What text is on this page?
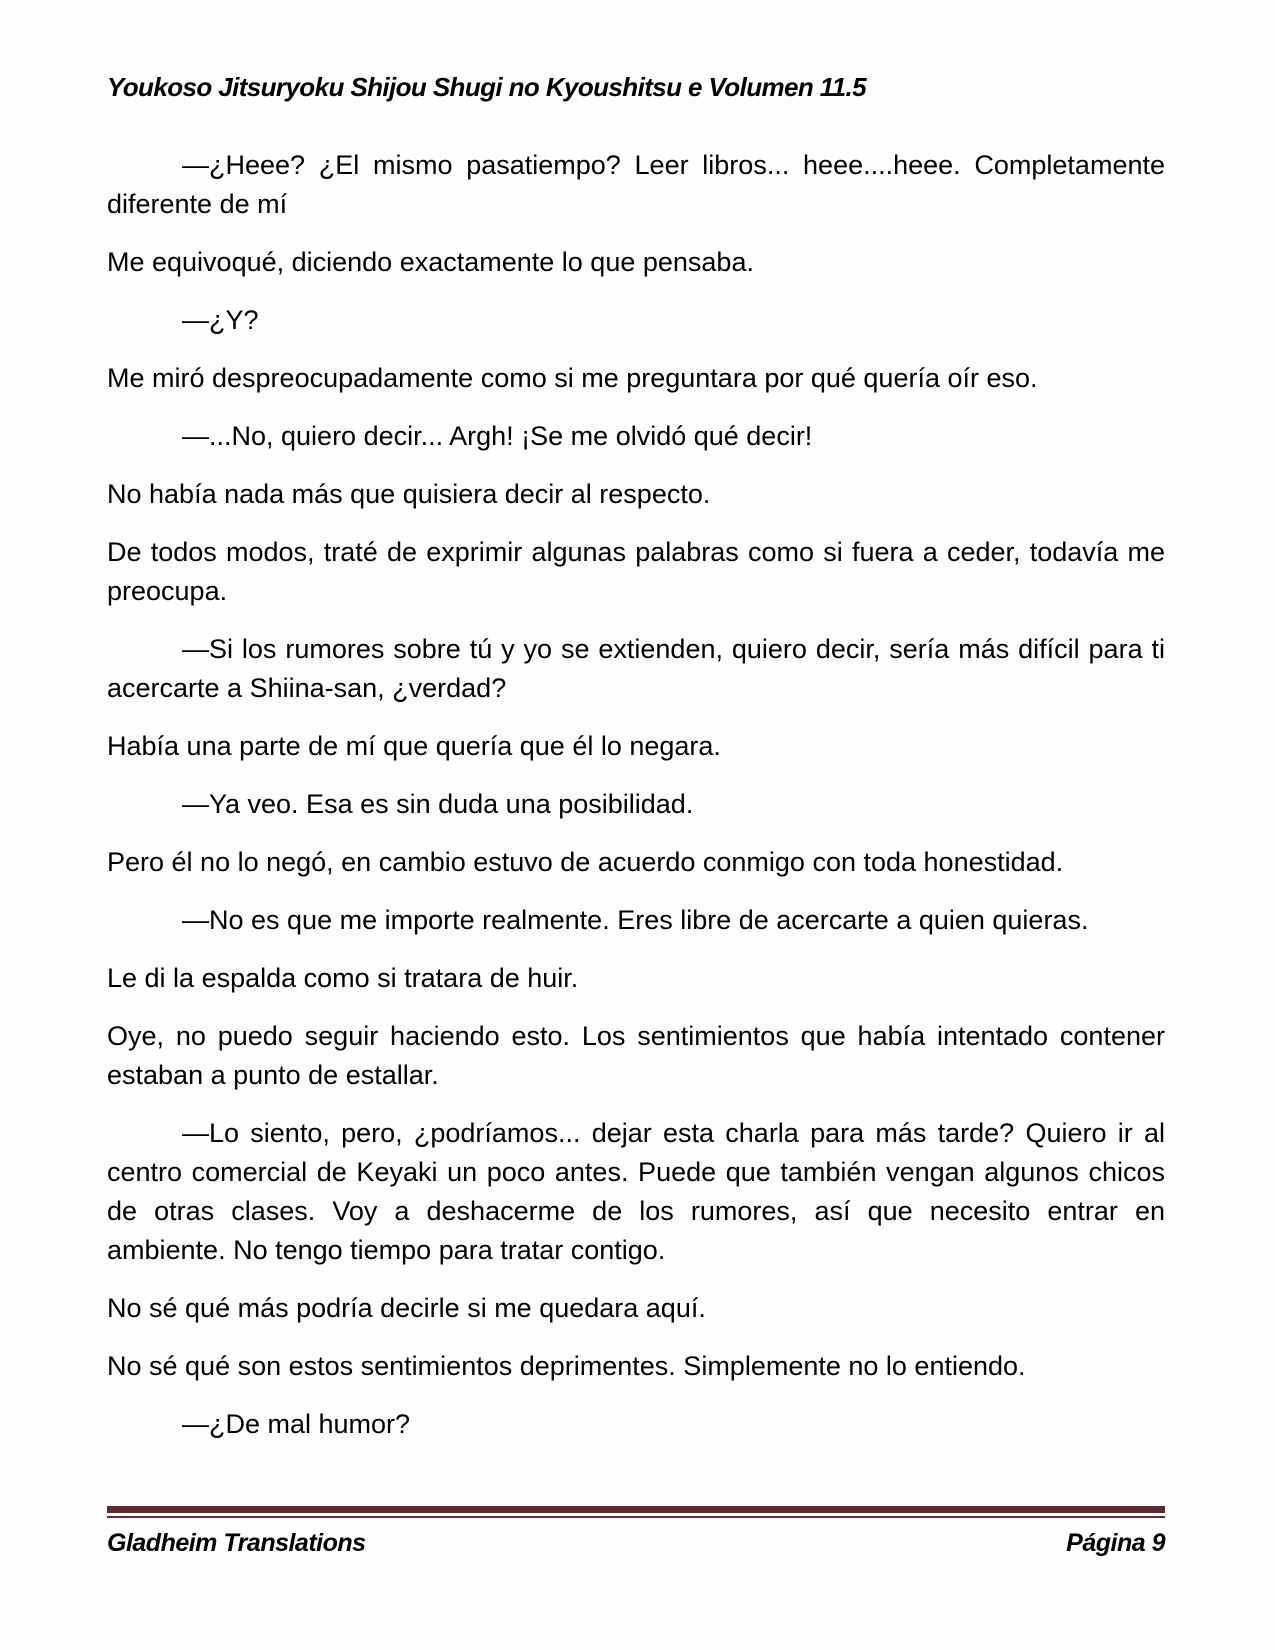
Youkoso Jitsuryoku Shijou Shugi no Kyoushitsu e Volumen 11.5

—¿Heee? ¿El mismo pasatiempo? Leer libros... heee....heee. Completamente diferente de mí

Me equivoqué, diciendo exactamente lo que pensaba.

—¿Y?

Me miró despreocupadamente como si me preguntara por qué quería oír eso.

—...No, quiero decir... Argh! ¡Se me olvidó qué decir!

No había nada más que quisiera decir al respecto.

De todos modos, traté de exprimir algunas palabras como si fuera a ceder, todavía me preocupa.

—Si los rumores sobre tú y yo se extienden, quiero decir, sería más difícil para ti acercarte a Shiina-san, ¿verdad?

Había una parte de mí que quería que él lo negara.

—Ya veo. Esa es sin duda una posibilidad.

Pero él no lo negó, en cambio estuvo de acuerdo conmigo con toda honestidad.

—No es que me importe realmente. Eres libre de acercarte a quien quieras.

Le di la espalda como si tratara de huir.

Oye, no puedo seguir haciendo esto. Los sentimientos que había intentado contener estaban a punto de estallar.

—Lo siento, pero, ¿podríamos... dejar esta charla para más tarde? Quiero ir al centro comercial de Keyaki un poco antes. Puede que también vengan algunos chicos de otras clases. Voy a deshacerme de los rumores, así que necesito entrar en ambiente. No tengo tiempo para tratar contigo.

No sé qué más podría decirle si me quedara aquí.

No sé qué son estos sentimientos deprimentes. Simplemente no lo entiendo.

—¿De mal humor?

Gladheim Translations	Página 9
